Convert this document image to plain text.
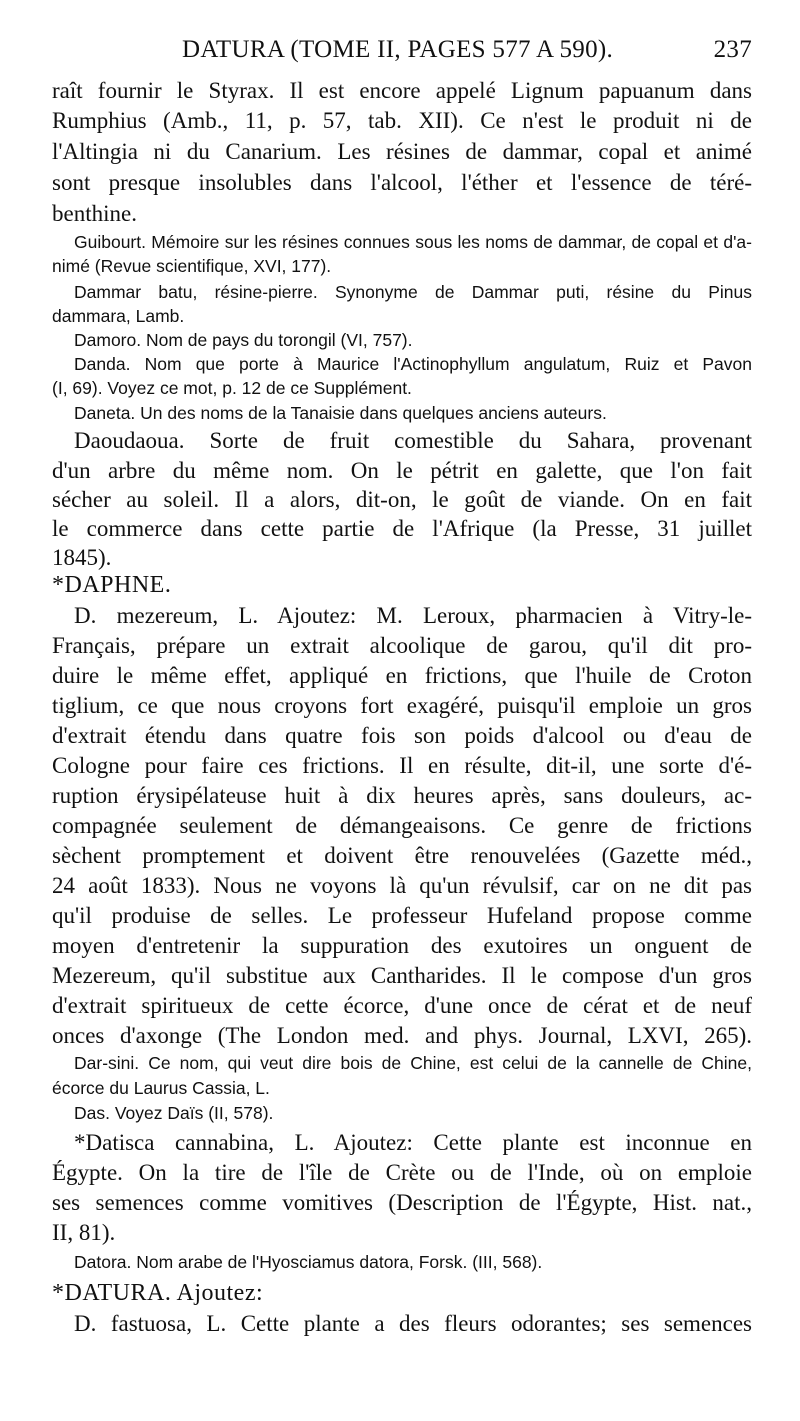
DATURA (TOME II, PAGES 577 A 590).	237
raît fournir le Styrax. Il est encore appelé Lignum papuanum dans
Rumphius (Amb., 11, p. 57, tab. XII). Ce n'est le produit ni de
l'Altingia ni du Canarium. Les résines de dammar, copal et animé
sont presque insolubles dans l'alcool, l'éther et l'essence de téré-
benthine.
Guibourt. Mémoire sur les résines connues sous les noms de dammar, de copal et d'a-
nimé (Revue scientifique, XVI, 177).
Dammar batu, résine-pierre. Synonyme de Dammar puti, résine du Pinus
dammara, Lamb.
Damoro. Nom de pays du torongil (VI, 757).
Danda. Nom que porte à Maurice l'Actinophyllum angulatum, Ruiz et Pavon
(I, 69). Voyez ce mot, p. 12 de ce Supplément.
Daneta. Un des noms de la Tanaisie dans quelques anciens auteurs.
Daoudaoua. Sorte de fruit comestible du Sahara, provenant
d'un arbre du même nom. On le pétrit en galette, que l'on fait
sécher au soleil. Il a alors, dit-on, le goût de viande. On en fait
le commerce dans cette partie de l'Afrique (la Presse, 31 juillet
1845).
*DAPHNE.
D. mezereum, L. Ajoutez: M. Leroux, pharmacien à Vitry-le-
Français, prépare un extrait alcoolique de garou, qu'il dit pro-
duire le même effet, appliqué en frictions, que l'huile de Croton
tiglium, ce que nous croyons fort exagéré, puisqu'il emploie un gros
d'extrait étendu dans quatre fois son poids d'alcool ou d'eau de
Cologne pour faire ces frictions. Il en résulte, dit-il, une sorte d'é-
ruption érysipélateuse huit à dix heures après, sans douleurs, ac-
compagnée seulement de démangeaisons. Ce genre de frictions
sèchent promptement et doivent être renouvelées (Gazette méd.,
24 août 1833). Nous ne voyons là qu'un révulsif, car on ne dit pas
qu'il produise de selles. Le professeur Hufeland propose comme
moyen d'entretenir la suppuration des exutoires un onguent de
Mezereum, qu'il substitue aux Cantharides. Il le compose d'un gros
d'extrait spiritueux de cette écorce, d'une once de cérat et de neuf
onces d'axonge (The London med. and phys. Journal, LXVI, 265).
Dar-sini. Ce nom, qui veut dire bois de Chine, est celui de la cannelle de Chine,
écorce du Laurus Cassia, L.
Das. Voyez Daïs (II, 578).
*Datisca cannabina, L. Ajoutez: Cette plante est inconnue en
Égypte. On la tire de l'île de Crète ou de l'Inde, où on emploie
ses semences comme vomitives (Description de l'Égypte, Hist. nat.,
II, 81).
Datora. Nom arabe de l'Hyosciamus datora, Forsk. (III, 568).
*DATURA. Ajoutez:
D. fastuosa, L. Cette plante a des fleurs odorantes; ses semences
